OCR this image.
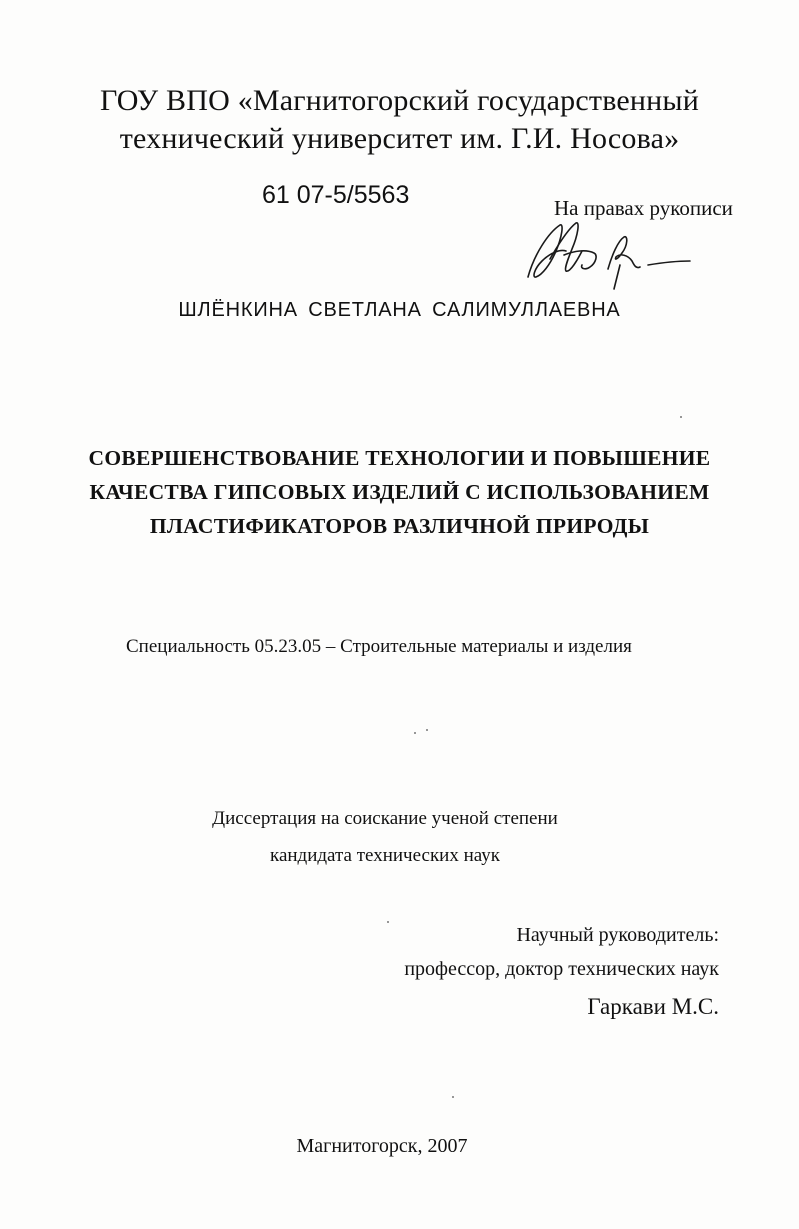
ГОУ ВПО «Магнитогорский государственный
технический университет им. Г.И. Носова»
61 07-5/5563	На правах рукописи
ШЛЁНКИНА СВЕТЛАНА САЛИМУЛЛАЕВНА
СОВЕРШЕНСТВОВАНИЕ ТЕХНОЛОГИИ И ПОВЫШЕНИЕ
КАЧЕСТВА ГИПСОВЫХ ИЗДЕЛИЙ С ИСПОЛЬЗОВАНИЕМ
ПЛАСТИФИКАТОРОВ РАЗЛИЧНОЙ ПРИРОДЫ
Специальность 05.23.05 – Строительные материалы и изделия
Диссертация на соискание ученой степени
кандидата технических наук
Научный руководитель:
профессор, доктор технических наук
Гаркави М.С.
Магнитогорск, 2007
